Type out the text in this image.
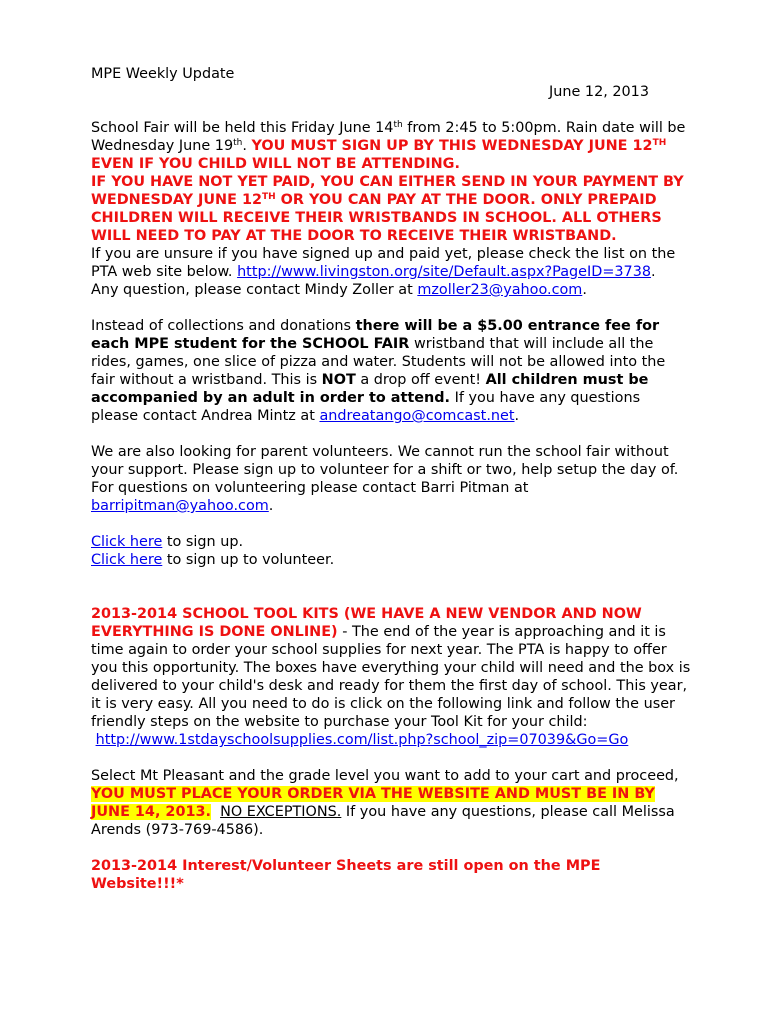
MPE Weekly Update

June 12, 2013

School Fair will be held this Friday June 14th from 2:45 to 5:00pm. Rain date will be Wednesday June 19th. YOU MUST SIGN UP BY THIS WEDNESDAY JUNE 12TH EVEN IF YOU CHILD WILL NOT BE ATTENDING.
IF YOU HAVE NOT YET PAID, YOU CAN EITHER SEND IN YOUR PAYMENT BY WEDNESDAY JUNE 12TH OR YOU CAN PAY AT THE DOOR. ONLY PREPAID CHILDREN WILL RECEIVE THEIR WRISTBANDS IN SCHOOL. ALL OTHERS WILL NEED TO PAY AT THE DOOR TO RECEIVE THEIR WRISTBAND.
If you are unsure if you have signed up and paid yet, please check the list on the PTA web site below. http://www.livingston.org/site/Default.aspx?PageID=3738.
Any question, please contact Mindy Zoller at mzoller23@yahoo.com.

Instead of collections and donations there will be a $5.00 entrance fee for each MPE student for the SCHOOL FAIR wristband that will include all the rides, games, one slice of pizza and water. Students will not be allowed into the fair without a wristband. This is NOT a drop off event! All children must be accompanied by an adult in order to attend. If you have any questions please contact Andrea Mintz at andreatango@comcast.net.

We are also looking for parent volunteers. We cannot run the school fair without your support. Please sign up to volunteer for a shift or two, help setup the day of. For questions on volunteering please contact Barri Pitman at barripitman@yahoo.com.

Click here to sign up.
Click here to sign up to volunteer.

2013-2014 SCHOOL TOOL KITS (WE HAVE A NEW VENDOR AND NOW EVERYTHING IS DONE ONLINE) - The end of the year is approaching and it is time again to order your school supplies for next year. The PTA is happy to offer you this opportunity. The boxes have everything your child will need and the box is delivered to your child's desk and ready for them the first day of school. This year, it is very easy. All you need to do is click on the following link and follow the user friendly steps on the website to purchase your Tool Kit for your child:
http://www.1stdayschoolsupplies.com/list.php?school_zip=07039&Go=Go

Select Mt Pleasant and the grade level you want to add to your cart and proceed, YOU MUST PLACE YOUR ORDER VIA THE WEBSITE AND MUST BE IN BY JUNE 14, 2013. NO EXCEPTIONS. If you have any questions, please call Melissa Arends (973-769-4586).

2013-2014 Interest/Volunteer Sheets are still open on the MPE Website!!!*
